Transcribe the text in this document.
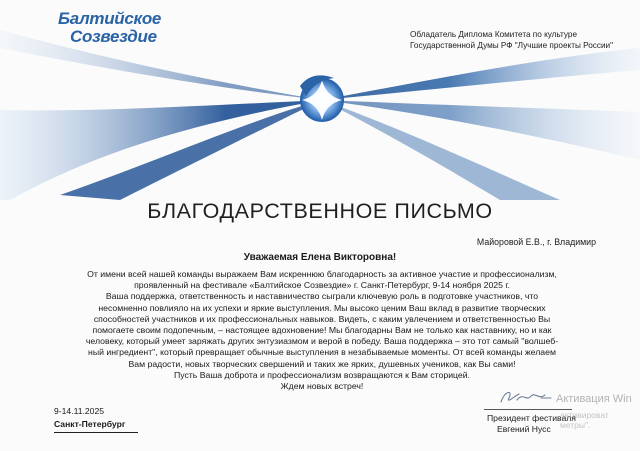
Балтийское
Созвездие	Обладатель Диплома Комитета по культуре
Государственной Думы РФ "Лучшие проекты России"
БЛАГОДАРСТВЕННОЕ ПИСЬМО
Майоровой Е.В., г. Владимир
Уважаемая Елена Викторовна!
От имени всей нашей команды выражаем Вам искреннюю благодарность за активное участие и профессионализм,
проявленный на фестивале «Балтийское Созвездие» г. Санкт-Петербург, 9-14 ноября 2025 г.
Ваша поддержка, ответственность и наставничество сыграли ключевую роль в подготовке участников, что
несомненно повлияло на их успехи и яркие выступления. Мы высоко ценим Ваш вклад в развитие творческих
способностей участников и их профессиональных навыков. Видеть, с каким увлечением и ответственностью Вы
помогаете своим подопечным, – настоящее вдохновение! Мы благодарны Вам не только как наставнику, но и как
человеку, который умеет заряжать других энтузиазмом и верой в победу. Ваша поддержка – это тот самый "волшеб-
ный ингредиент", который превращает обычные выступления в незабываемые моменты. От всей команды желаем
Вам радости, новых творческих свершений и таких же ярких, душевных учеников, как Вы сами!
Пусть Ваша доброта и профессионализм возвращаются к Вам сторицей.
Ждем новых встреч!
9-14.11.2025
Санкт-Петербург
Президент фестиваля
Евгений Нусс
Активация Win
активироват
метры".
